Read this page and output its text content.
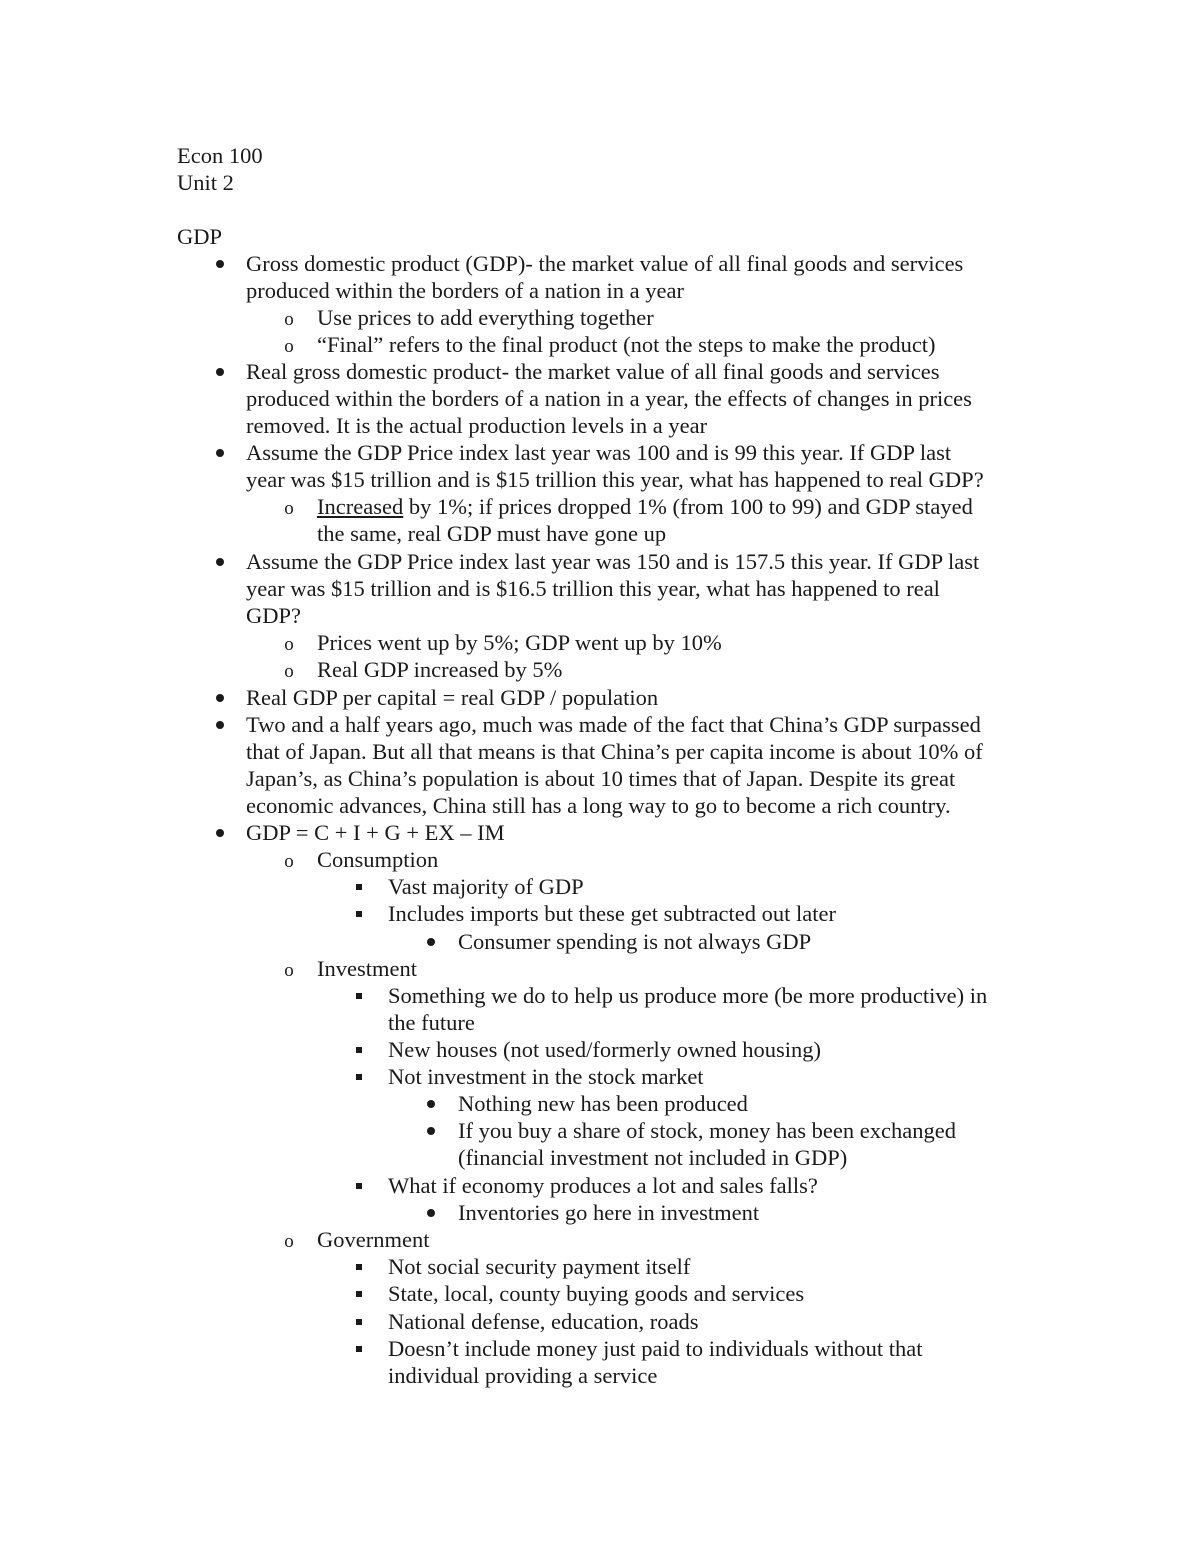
Econ 100
Unit 2
GDP
Gross domestic product (GDP)- the market value of all final goods and services
produced within the borders of a nation in a year
o Use prices to add everything together
o “Final” refers to the final product (not the steps to make the product)
Real gross domestic product- the market value of all final goods and services
produced within the borders of a nation in a year, the effects of changes in prices
removed. It is the actual production levels in a year
Assume the GDP Price index last year was 100 and is 99 this year. If GDP last
year was $15 trillion and is $15 trillion this year, what has happened to real GDP?
o Increased by 1%; if prices dropped 1% (from 100 to 99) and GDP stayed
the same, real GDP must have gone up
Assume the GDP Price index last year was 150 and is 157.5 this year. If GDP last
year was $15 trillion and is $16.5 trillion this year, what has happened to real
GDP?
o Prices went up by 5%; GDP went up by 10%
o Real GDP increased by 5%
Real GDP per capital = real GDP / population
Two and a half years ago, much was made of the fact that China’s GDP surpassed
that of Japan. But all that means is that China’s per capita income is about 10% of
Japan’s, as China’s population is about 10 times that of Japan. Despite its great
economic advances, China still has a long way to go to become a rich country.
GDP = C + I + G + EX – IM
o Consumption
Vast majority of GDP
Includes imports but these get subtracted out later
Consumer spending is not always GDP
o Investment
Something we do to help us produce more (be more productive) in
the future
New houses (not used/formerly owned housing)
Not investment in the stock market
Nothing new has been produced
If you buy a share of stock, money has been exchanged
(financial investment not included in GDP)
What if economy produces a lot and sales falls?
Inventories go here in investment
o Government
Not social security payment itself
State, local, county buying goods and services
National defense, education, roads
Doesn’t include money just paid to individuals without that
individual providing a service
